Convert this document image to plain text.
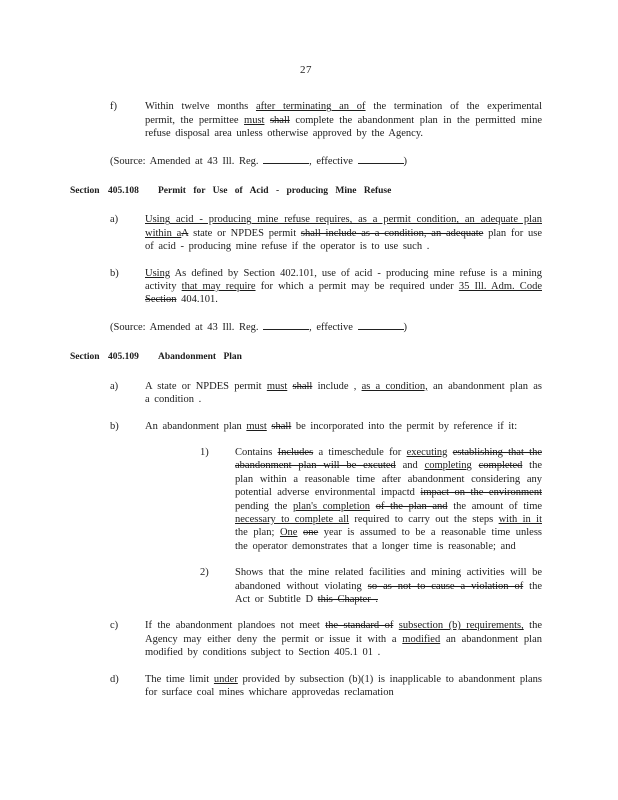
27
f)	Within twelve months after terminating an of the termination of the experimental permit, the permittee must shall complete the abandonment plan in the permitted mine refuse disposal area unless otherwise approved by the Agency.
(Source: Amended at 43 Ill. Reg.	, effective	)
Section 405.108	Permit for Use of Acid - producing Mine Refuse
a)	Using acid - producing mine refuse requires, as a permit condition, an adequate plan within aA state or NPDES permit shall include as a condition, an adequate plan for use of acid - producing mine refuse if the operator is to use such .
b)	Using As defined by Section 402.101, use of acid - producing mine refuse is a mining activity that may require for which a permit may be required under 35 Ill. Adm. Code Section 404.101.
(Source: Amended at 43 Ill. Reg.	, effective	)
Section 405.109	Abandonment Plan
a)	A state or NPDES permit must shall include , as a condition, an abandonment plan as a condition .
b)	An abandonment plan must shall be incorporated into the permit by reference if it:
1)	Contains Includes a timeschedule for executing establishing that the abandonment plan will be excuted and completing completed the plan within a reasonable time after abandonment considering any potential adverse environmental impactd impact on the environment pending the plan's completion of the plan and the amount of time necessary to complete all required to carry out the steps with in it the plan; One one year is assumed to be a reasonable time unless the operator demonstrates that a longer time is reasonable; and
2)	Shows that the mine related facilities and mining activities will be abandoned without violating so as not to cause a violation of the Act or Subtitle D this Chapter .
c)	If the abandonment plandoes not meet the standard of subsection (b) requirements, the Agency may either deny the permit or issue it with a modified an abandonment plan modified by conditions subject to Section 405.1 01 .
d)	The time limit under provided by subsection (b)(1) is inapplicable to abandonment plans for surface coal mines whichare approvedas reclamation
